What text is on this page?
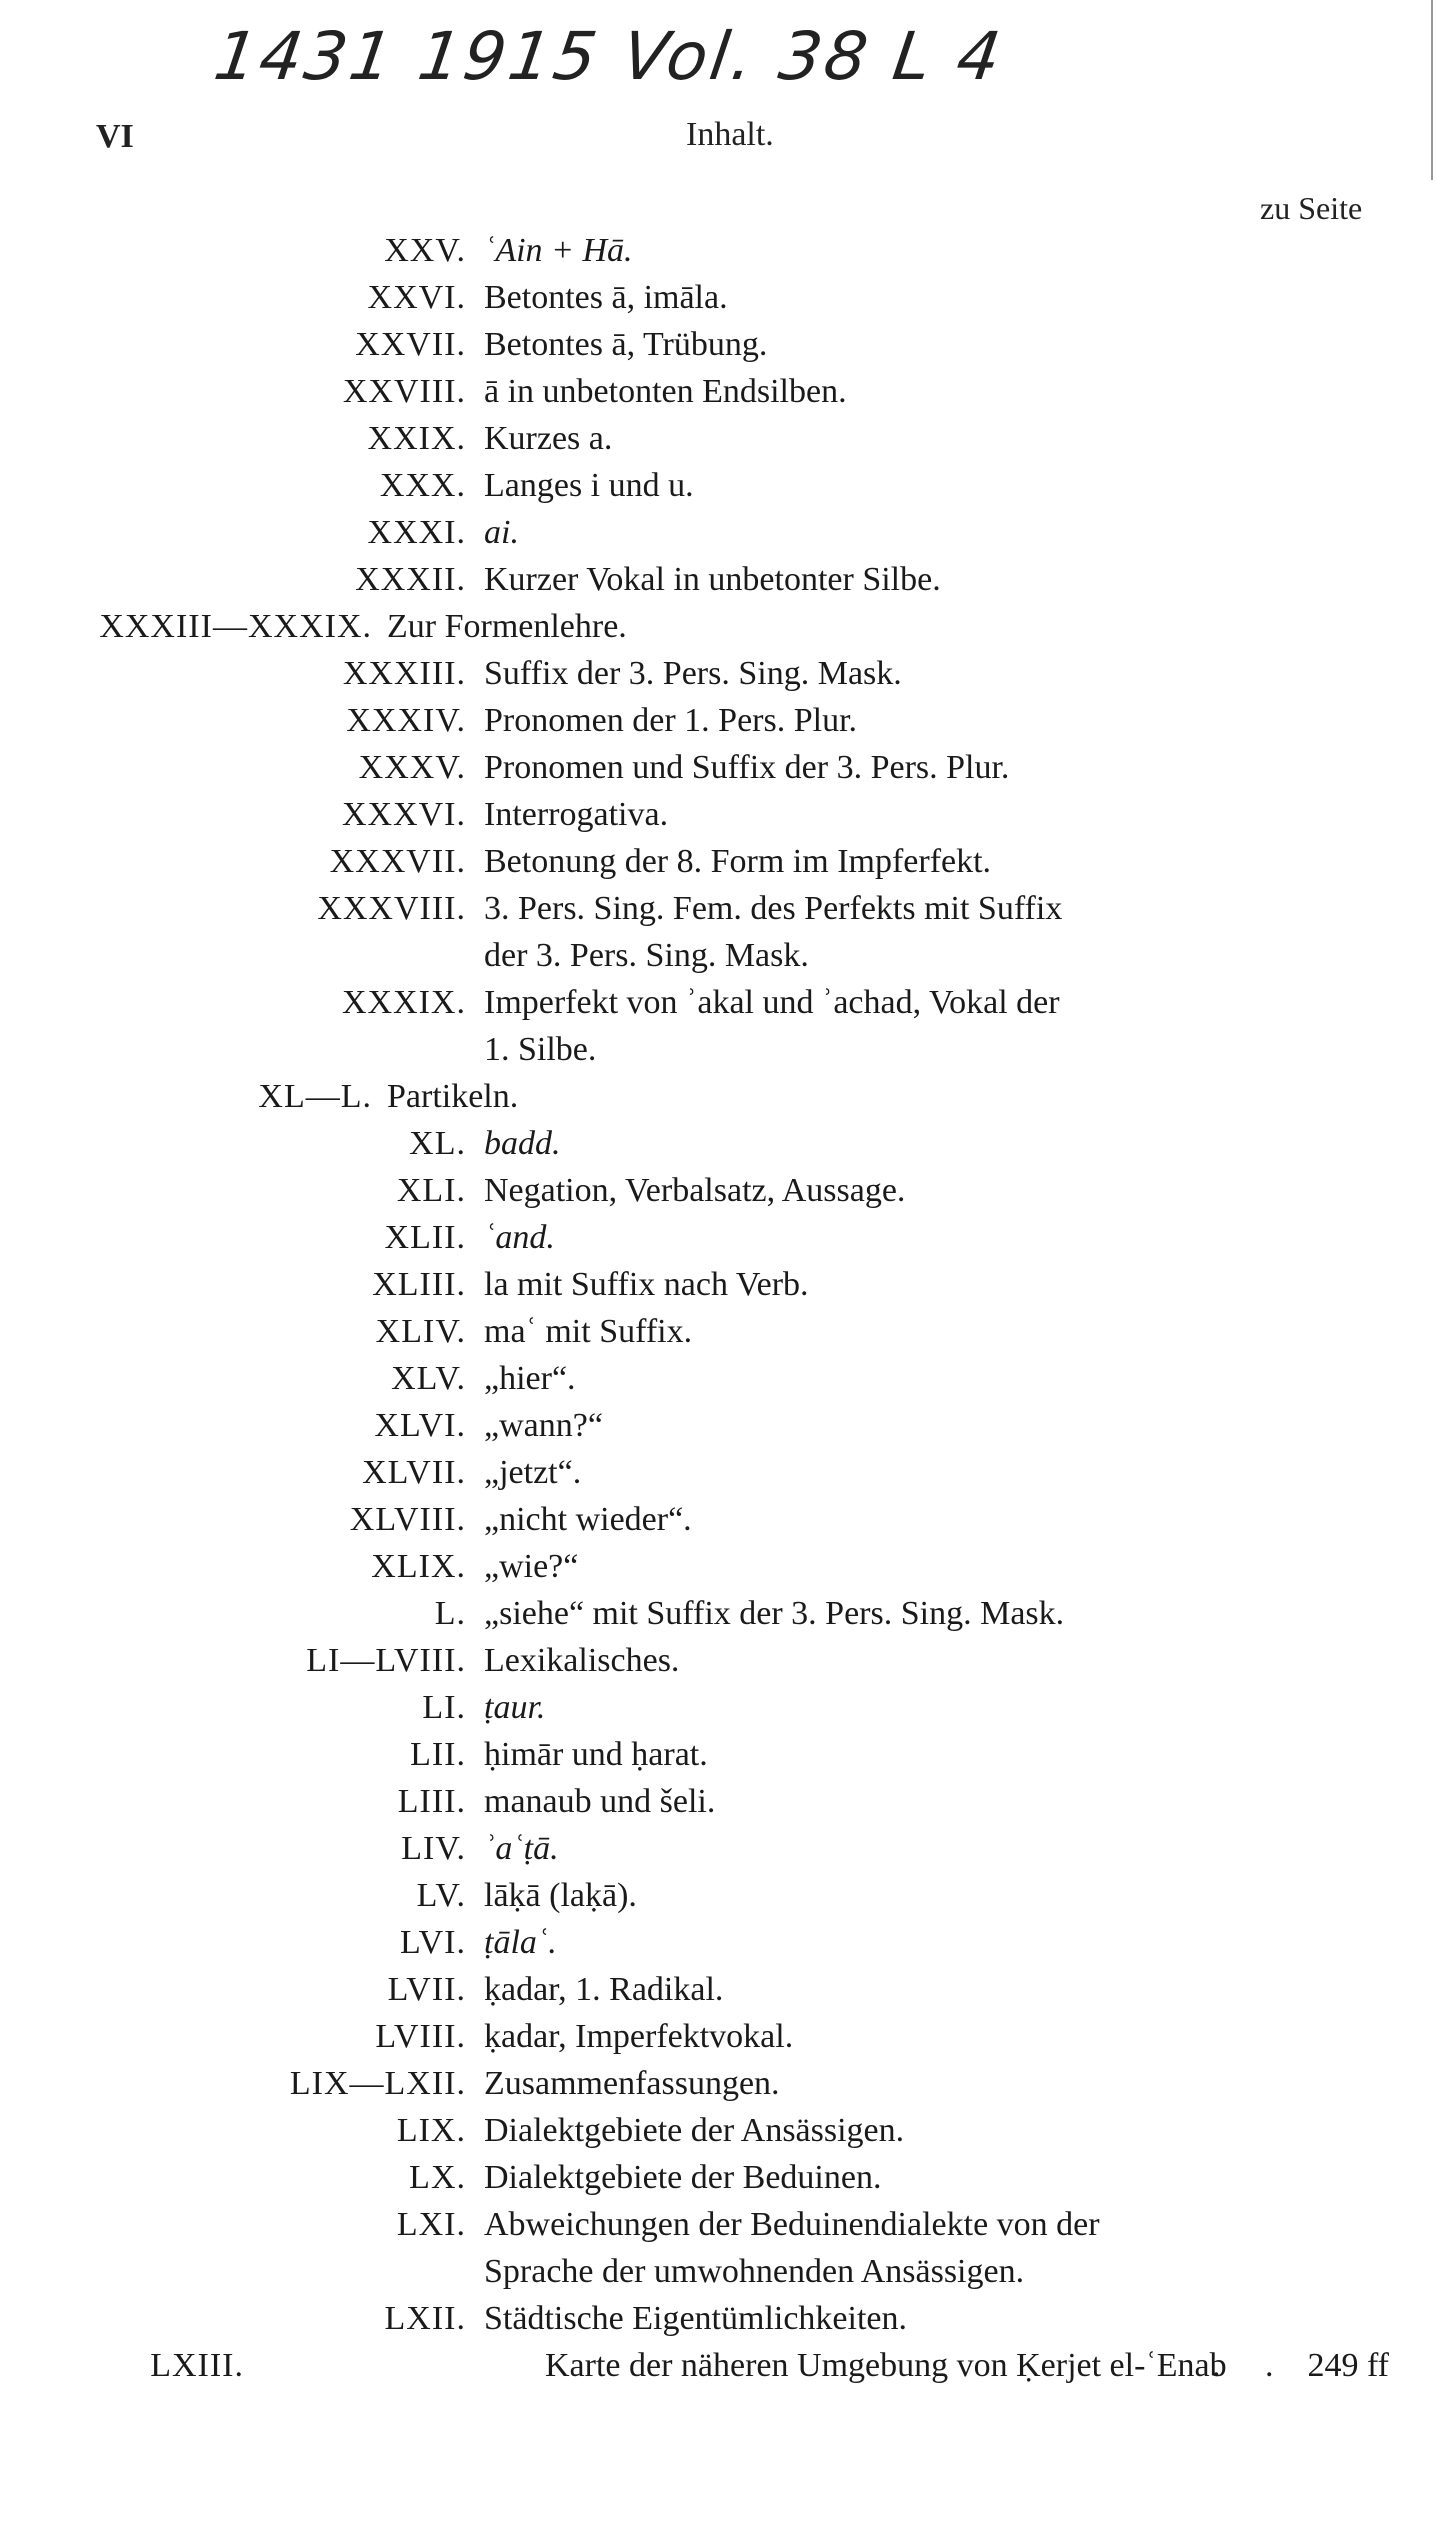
1431 1915 Vol. 38 L 4
VI	Inhalt.
zu Seite
XXV. ʿAin + Hā.
XXVI. Betontes ā, imāla.
XXVII. Betontes ā, Trübung.
XXVIII. ā in unbetonten Endsilben.
XXIX. Kurzes a.
XXX. Langes i und u.
XXXI. ai.
XXXII. Kurzer Vokal in unbetonter Silbe.
XXXIII—XXXIX. Zur Formenlehre.
XXXIII. Suffix der 3. Pers. Sing. Mask.
XXXIV. Pronomen der 1. Pers. Plur.
XXXV. Pronomen und Suffix der 3. Pers. Plur.
XXXVI. Interrogativa.
XXXVII. Betonung der 8. Form im Impferfekt.
XXXVIII. 3. Pers. Sing. Fem. des Perfekts mit Suffix
der 3. Pers. Sing. Mask.
XXXIX. Imperfekt von ʾakal und ʾachad, Vokal der
1. Silbe.
XL—L. Partikeln.
XL. badd.
XLI. Negation, Verbalsatz, Aussage.
XLII. ʿand.
XLIII. la mit Suffix nach Verb.
XLIV. maʿ mit Suffix.
XLV. „hier“.
XLVI. „wann?“
XLVII. „jetzt“.
XLVIII. „nicht wieder“.
XLIX. „wie?“
L. „siehe“ mit Suffix der 3. Pers. Sing. Mask.
LI—LVIII. Lexikalisches.
LI. ṭaur.
LII. ḥimār und ḥarat.
LIII. manaub und šeli.
LIV. ʾaʿṭā.
LV. lāḳā (laḳā).
LVI. ṭālaʿ.
LVII. ḳadar, 1. Radikal.
LVIII. ḳadar, Imperfektvokal.
LIX—LXII. Zusammenfassungen.
LIX. Dialektgebiete der Ansässigen.
LX. Dialektgebiete der Beduinen.
LXI. Abweichungen der Beduinendialekte von der
Sprache der umwohnenden Ansässigen.
LXII. Städtische Eigentümlichkeiten.
LXIII.	Karte der näheren Umgebung von Ḳerjet el-ʿEnab
. . 249 ff
